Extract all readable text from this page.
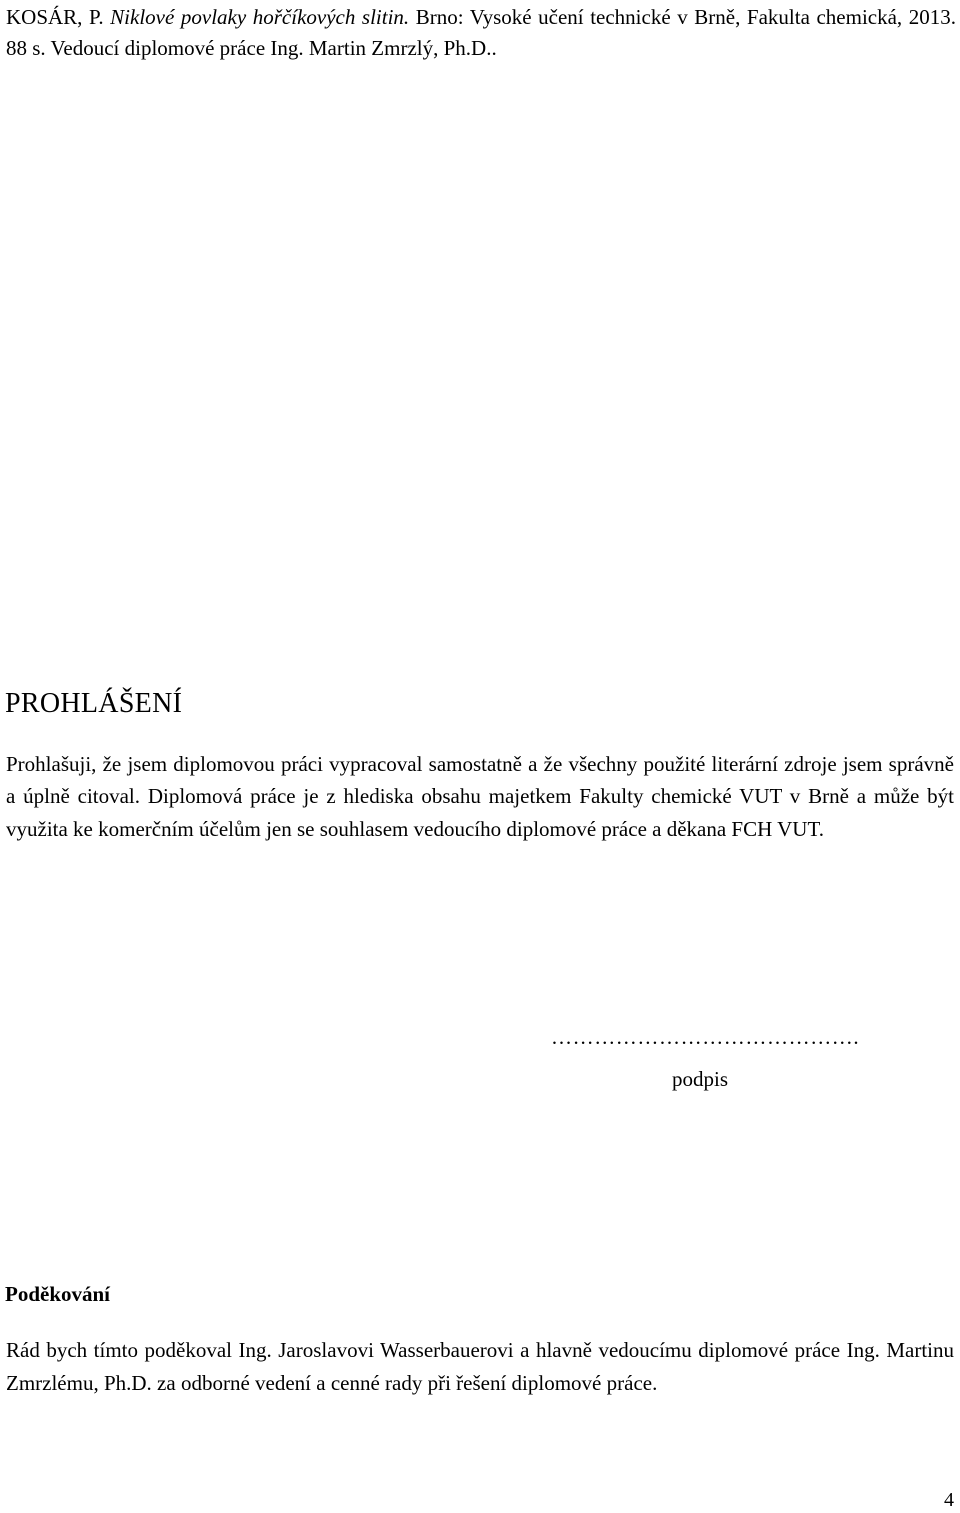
KOSÁR, P. Niklové povlaky hořčíkových slitin. Brno: Vysoké učení technické v Brně, Fakulta chemická, 2013. 88 s. Vedoucí diplomové práce Ing. Martin Zmrzlý, Ph.D..
PROHLÁŠENÍ

Prohlašuji, že jsem diplomovou práci vypracoval samostatně a že všechny použité literární zdroje jsem správně a úplně citoval. Diplomová práce je z hlediska obsahu majetkem Fakulty chemické VUT v Brně a může být využita ke komerčním účelům jen se souhlasem vedoucího diplomové práce a děkana FCH VUT.

…………………………………….
podpis
Poděkování

Rád bych tímto poděkoval Ing. Jaroslavovi Wasserbauerovi a hlavně vedoucímu diplomové práce Ing. Martinu Zmrzlému, Ph.D. za odborné vedení a cenné rady při řešení diplomové práce.

4
